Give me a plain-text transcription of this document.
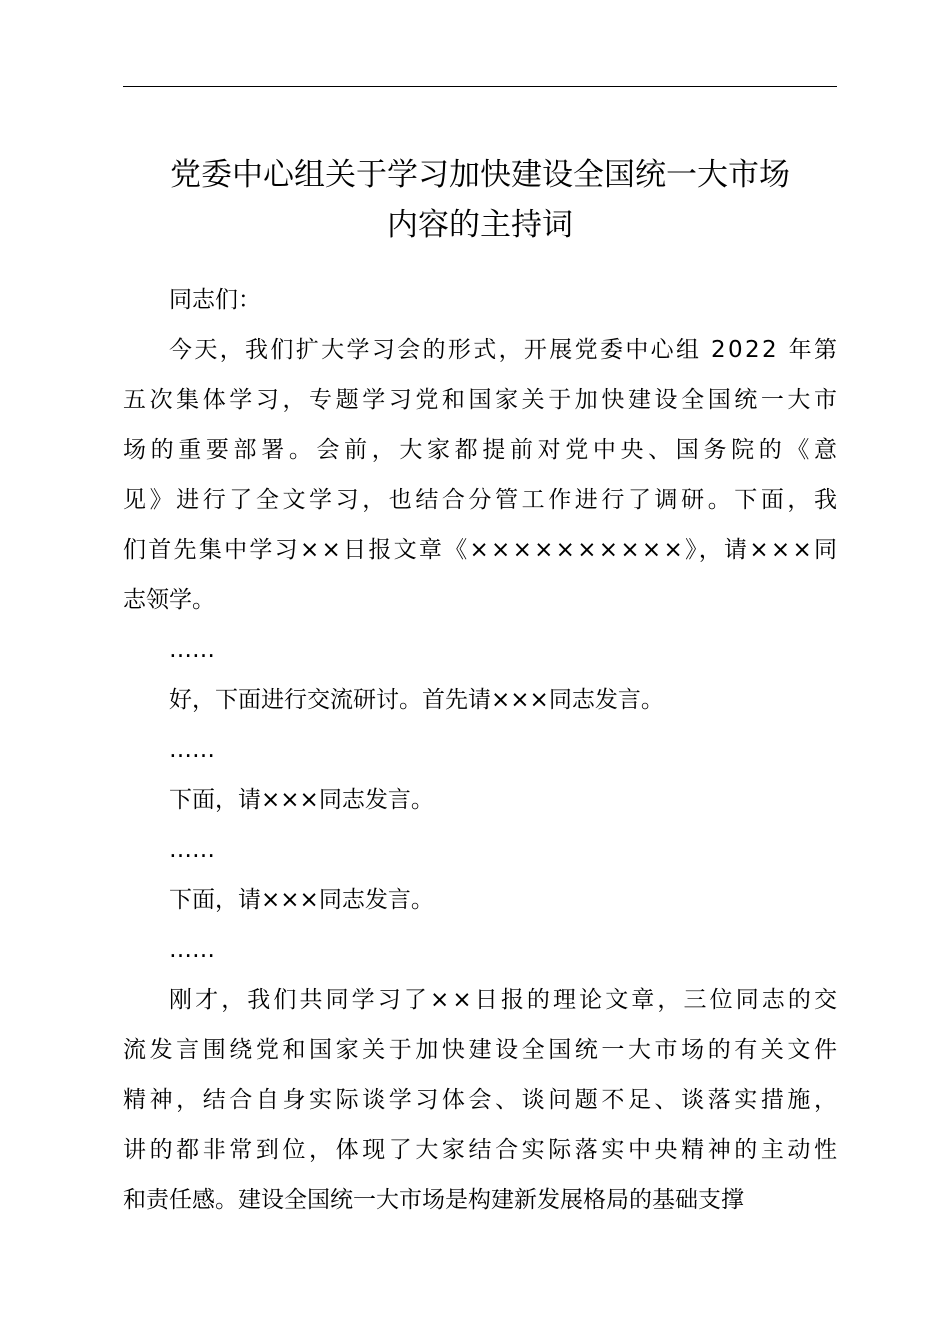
党委中心组关于学习加快建设全国统一大市场
内容的主持词
同志们：
今天，我们扩大学习会的形式，开展党委中心组 2022 年第
五次集体学习，专题学习党和国家关于加快建设全国统一大市
场的重要部署。会前，大家都提前对党中央、国务院的《意
见》进行了全文学习，也结合分管工作进行了调研。下面，我
们首先集中学习××日报文章《××××××××××》，请×××同
志领学。
……
好，下面进行交流研讨。首先请×××同志发言。
……
下面，请×××同志发言。
……
下面，请×××同志发言。
……
刚才，我们共同学习了××日报的理论文章，三位同志的交
流发言围绕党和国家关于加快建设全国统一大市场的有关文件
精神，结合自身实际谈学习体会、谈问题不足、谈落实措施，
讲的都非常到位，体现了大家结合实际落实中央精神的主动性
和责任感。建设全国统一大市场是构建新发展格局的基础支撑
